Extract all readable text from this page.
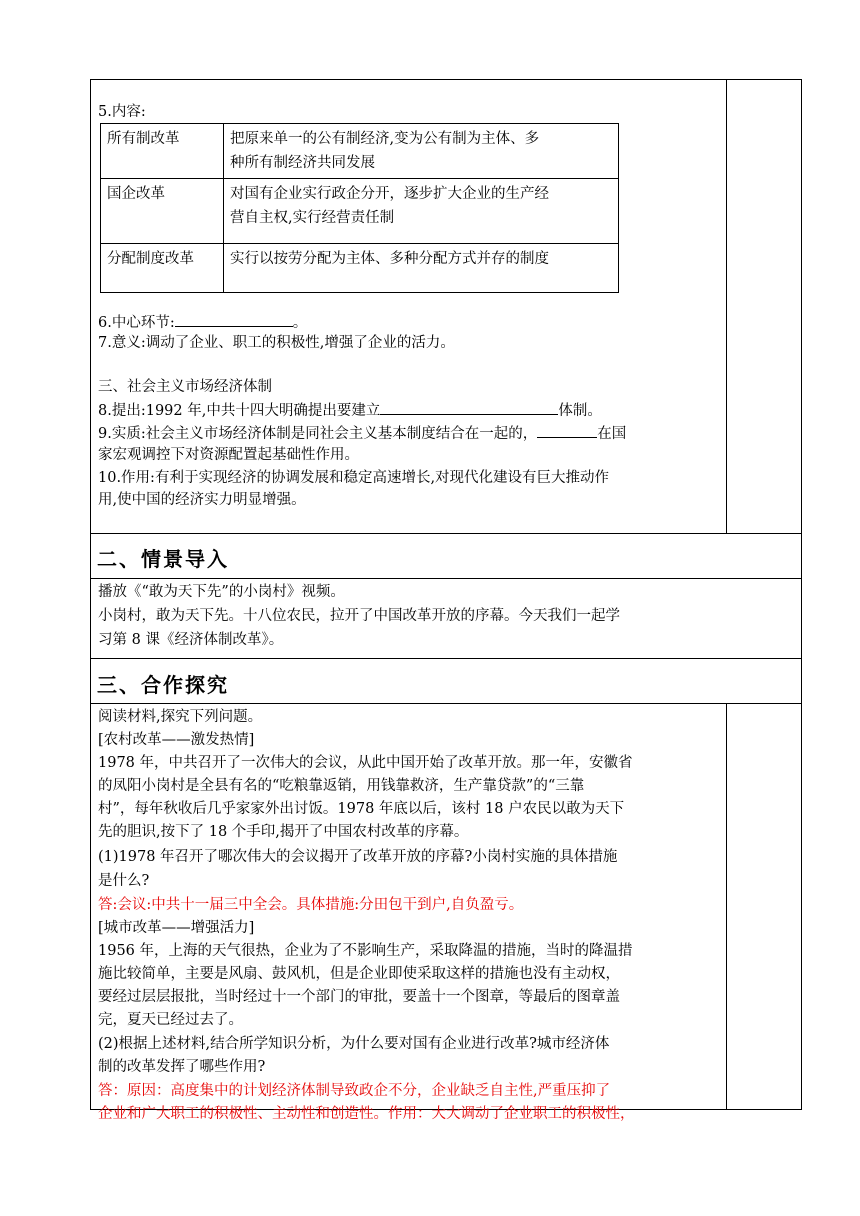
5.内容:
所有制改革	把原来单一的公有制经济,变为公有制为主体、多
种所有制经济共同发展

国企改革	对国有企业实行政企分开，逐步扩大企业的生产经
营自主权,实行经营责任制

分配制度改革	实行以按劳分配为主体、多种分配方式并存的制度
6.中心环节:	。
7.意义:调动了企业、职工的积极性,增强了企业的活力。
三、社会主义市场经济体制
8.提出:1992 年,中共十四大明确提出要建立	体制。
9.实质:社会主义市场经济体制是同社会主义基本制度结合在一起的，	在国
家宏观调控下对资源配置起基础性作用。
10.作用:有利于实现经济的协调发展和稳定高速增长,对现代化建设有巨大推动作
用,使中国的经济实力明显增强。
二、情景导入
播放《“敢为天下先”的小岗村》视频。
小岗村，敢为天下先。十八位农民，拉开了中国改革开放的序幕。今天我们一起学
习第 8 课《经济体制改革》。
三、合作探究
阅读材料,探究下列问题。
[农村改革——激发热情]
1978 年，中共召开了一次伟大的会议，从此中国开始了改革开放。那一年，安徽省
的凤阳小岗村是全县有名的“吃粮靠返销，用钱靠救济，生产靠贷款”的“三靠
村”，每年秋收后几乎家家外出讨饭。1978 年底以后，该村 18 户农民以敢为天下
先的胆识,按下了 18 个手印,揭开了中国农村改革的序幕。
(1)1978 年召开了哪次伟大的会议揭开了改革开放的序幕?小岗村实施的具体措施
是什么?
答:会议:中共十一届三中全会。具体措施:分田包干到户,自负盈亏。
[城市改革——增强活力]
1956 年，上海的天气很热，企业为了不影响生产，采取降温的措施，当时的降温措
施比较简单，主要是风扇、鼓风机，但是企业即使采取这样的措施也没有主动权，
要经过层层报批，当时经过十一个部门的审批，要盖十一个图章，等最后的图章盖
完，夏天已经过去了。
(2)根据上述材料,结合所学知识分析，为什么要对国有企业进行改革?城市经济体
制的改革发挥了哪些作用?
答：原因：高度集中的计划经济体制导致政企不分，企业缺乏自主性,严重压抑了
企业和广大职工的积极性、主动性和创造性。作用：大大调动了企业职工的积极性，
